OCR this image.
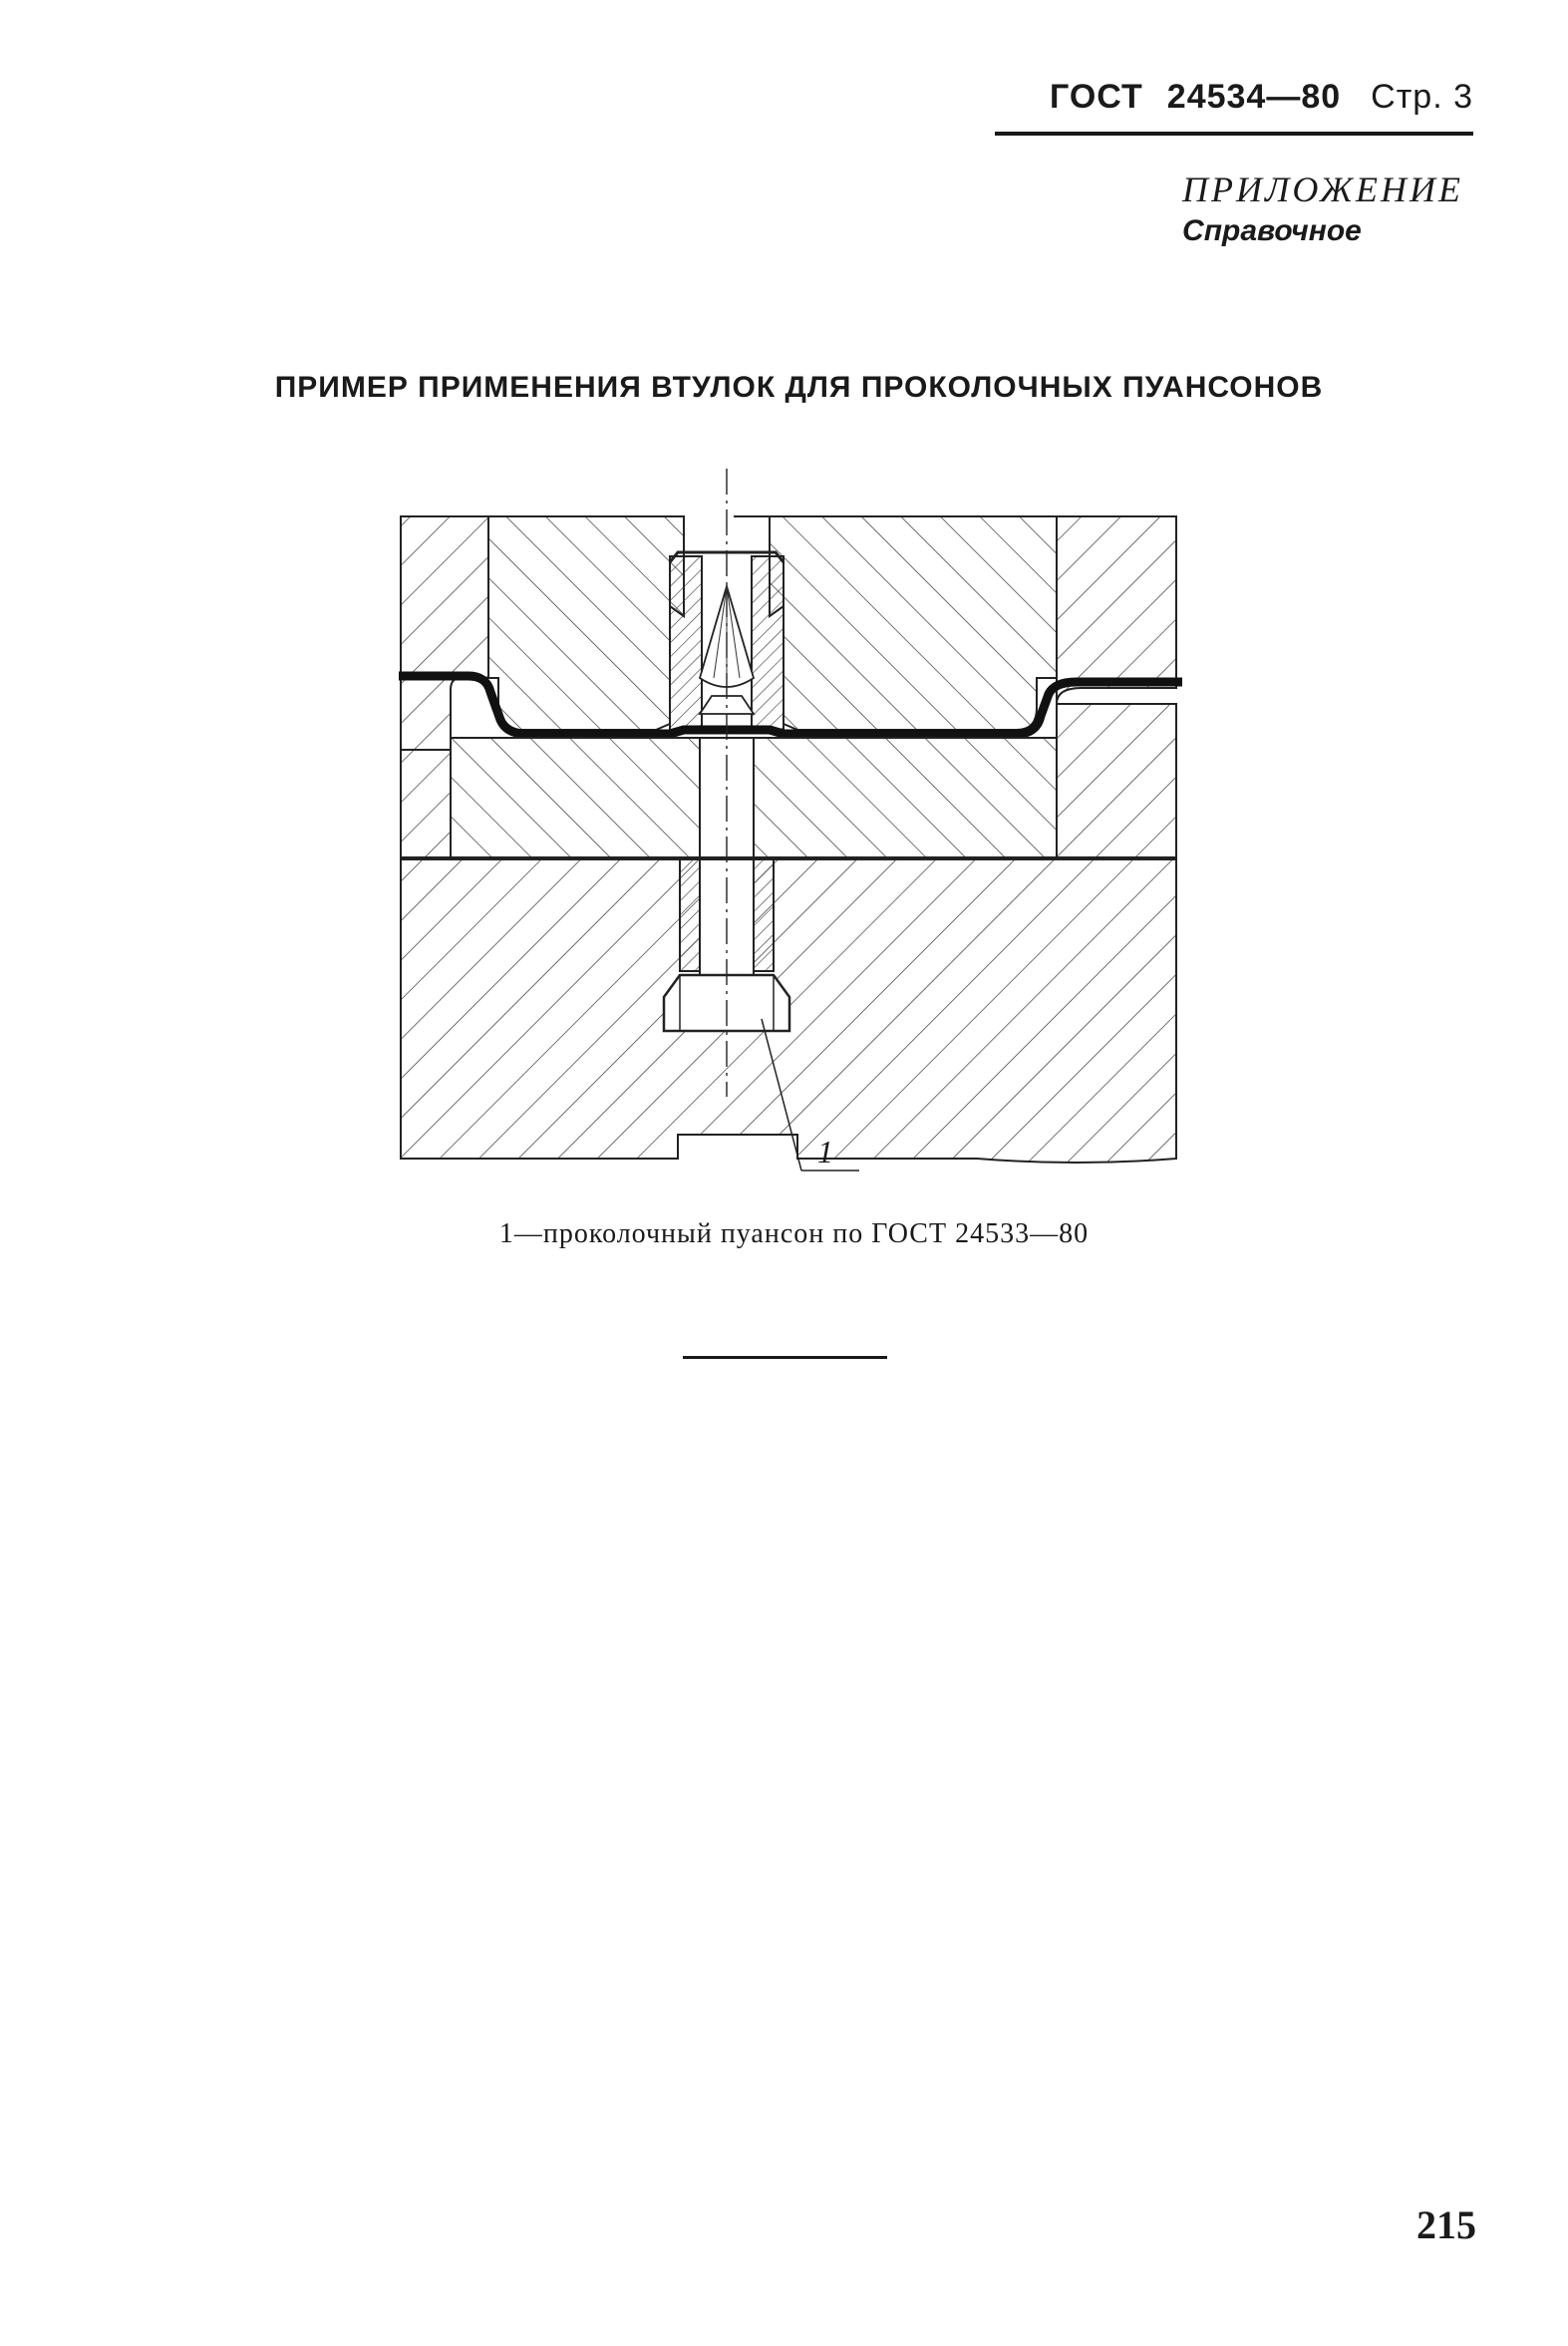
ГОСТ 24534—80 Стр. 3
ПРИЛОЖЕНИЕ
Справочное
ПРИМЕР ПРИМЕНЕНИЯ ВТУЛОК ДЛЯ ПРОКОЛОЧНЫХ ПУАНСОНОВ
1
1—проколочный пуансон по ГОСТ 24533—80
215
